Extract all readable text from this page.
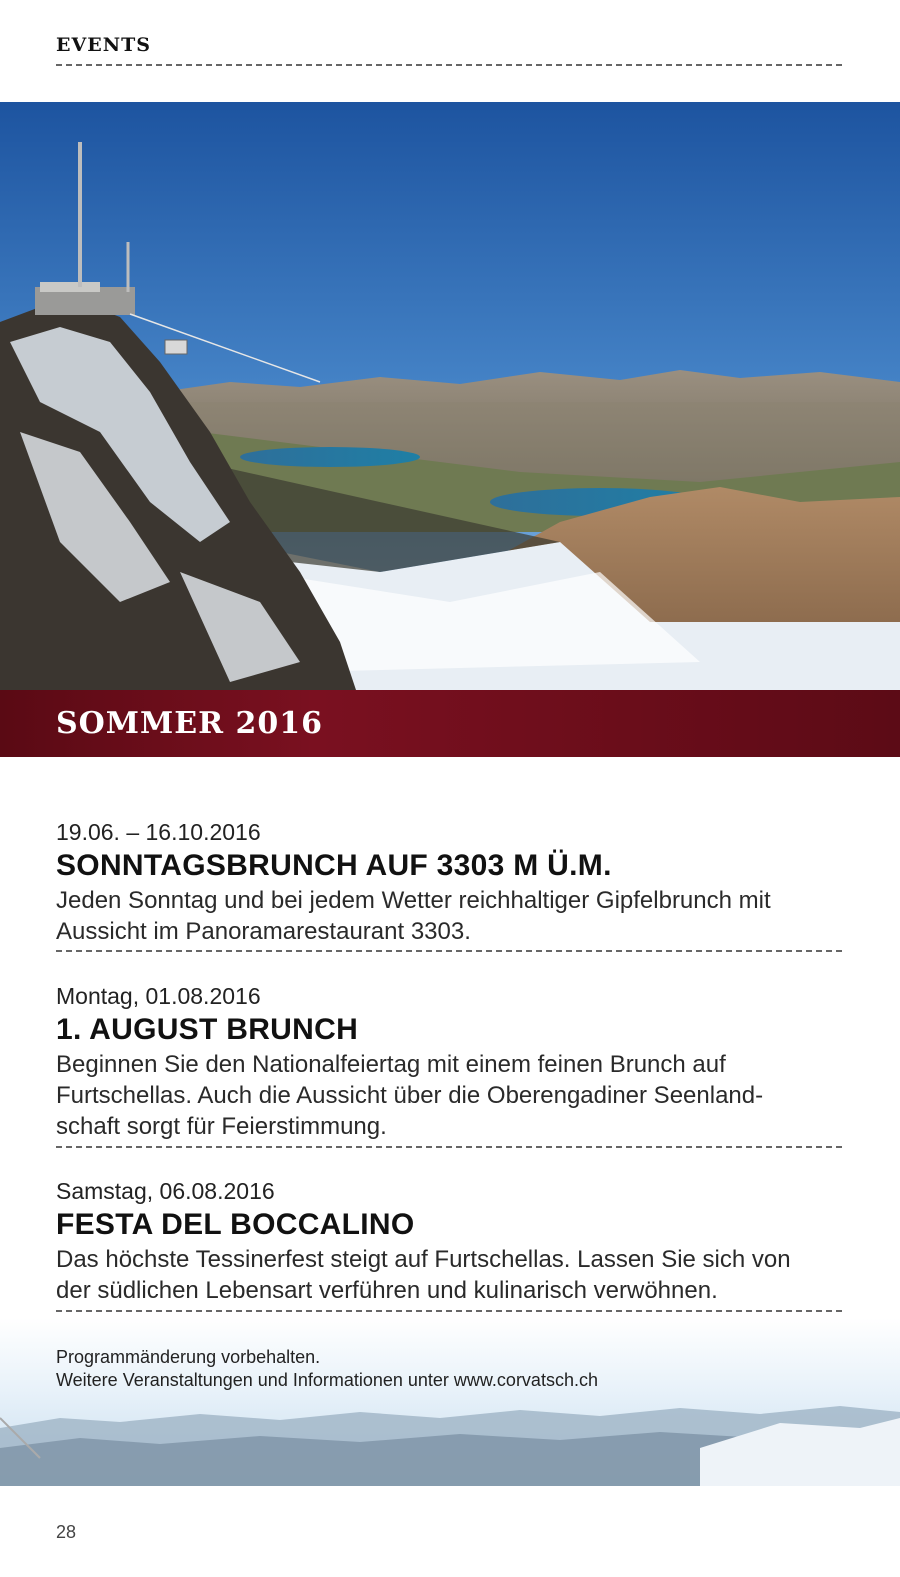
EVENTS
SOMMER 2016
19.06. – 16.10.2016
SONNTAGSBRUNCH AUF 3303 M Ü.M.
Jeden Sonntag und bei jedem Wetter reichhaltiger Gipfelbrunch mit
Aussicht im Panoramarestaurant 3303.
Montag, 01.08.2016
1. AUGUST BRUNCH
Beginnen Sie den Nationalfeiertag mit einem feinen Brunch auf
Furtschellas. Auch die Aussicht über die Oberengadiner Seenland-
schaft sorgt für Feierstimmung.
Samstag, 06.08.2016
FESTA DEL BOCCALINO
Das höchste Tessinerfest steigt auf Furtschellas. Lassen Sie sich von
der südlichen Lebensart verführen und kulinarisch verwöhnen.
Programmänderung vorbehalten.
Weitere Veranstaltungen und Informationen unter www.corvatsch.ch
28
